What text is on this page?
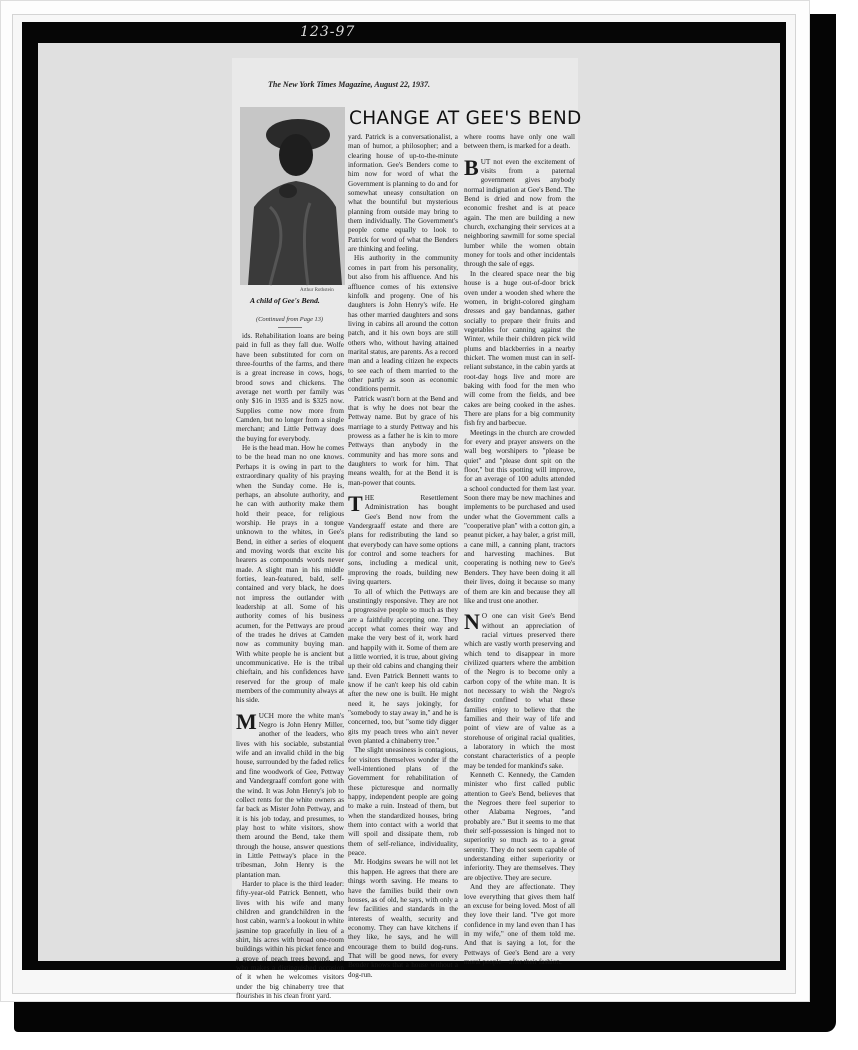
123-97
The New York Times Magazine, August 22, 1937.
Arthur Rothstein
A child of Gee's Bend.
(Continued from Page 13)
CHANGE AT GEE'S BEND

ids. Rehabilitation loans are being paid in full as they fall due. Wolfe have been substituted for corn on three-fourths of the farms, and there is a great increase in cows, hogs, brood sows and chickens. The average net worth per family was only $16 in 1935 and is $325 now. Supplies come now more from Camden, but no longer from a single merchant; and Little Pettway does the buying for everybody.

He is the head man. How he comes to be the head man no one knows. Perhaps it is owing in part to the extraordinary quality of his praying when the Sunday come. He is, perhaps, an absolute authority, and he can with authority make them hold their peace, for religious worship. He prays in a tongue unknown to the whites, in Gee's Bend, in either a series of eloquent and moving words that excite his hearers as compounds words never made. A slight man in his middle forties, lean-featured, bald, self-contained and very black, he does not impress the outlander with leadership at all. Some of his authority comes of his business acumen, for the Pettways are proud of the trades he drives at Camden now as community buying man. With white people he is ancient but uncommunicative. He is the tribal chieftain, and his confidences have reserved for the group of male members of the community always at his side.

MUCH more the white man's Negro is John Henry Miller, another of the leaders, who lives with his sociable, substantial wife and an invalid child in the big house, surrounded by the faded relics and fine woodwork of Gee, Pettway and Vandergraaff comfort gone with the wind. It was John Henry's job to collect rents for the white owners as far back as Mister John Pettway, and it is his job today, and presumes, to play host to white visitors, show them around the Bend, take them through the house, answer questions in Little Pettway's place in the tribesman, John Henry is the plantation man.

Harder to place is the third leader: fifty-year-old Patrick Bennett, who lives with his wife and many children and grandchildren in the host cabin, warm's a lookout in white jasmine top gracefully in lieu of a shirt, his acres with broad one-room buildings within his picket fence and a grove of peach trees beyond, and who makes a distinguished occasion of it when he welcomes visitors under the big chinaberry tree that flourishes in his clean front yard.

yard. Patrick is a conversationalist, a man of humor, a philosopher; and a clearing house of up-to-the-minute information. Gee's Benders come to him now for word of what the Government is planning to do and for somewhat uneasy consultation on what the bountiful but mysterious planning from outside may bring to them individually. The Government's people come equally to look to Patrick for word of what the Benders are thinking and feeling.

His authority in the community comes in part from his personality, but also from his affluence. And his affluence comes of his extensive kinfolk and progeny. One of his daughters is John Henry's wife. He has other married daughters and sons living in cabins all around the cotton patch, and it his own boys are still others who, without having attained marital status, are parents. As a record man and a leading citizen he expects to see each of them married to the other partly as soon as economic conditions permit.

Patrick wasn't born at the Bend and that is why he does not bear the Pettway name. But by grace of his marriage to a sturdy Pettway and his prowess as a father he is kin to more Pettways than anybody in the community and has more sons and daughters to work for him. That means wealth, for at the Bend it is man-power that counts.

THE Resettlement Administration has bought Gee's Bend now from the Vandergraaff estate and there are plans for redistributing the land so that everybody can have some options for control and some teachers for sons, including a medical unit, improving the roads, building new living quarters.

To all of which the Pettways are unstintingly responsive. They are not a progressive people so much as they are a faithfully accepting one. They accept what comes their way and make the very best of it, work hard and happily with it. Some of them are a little worried, it is true, about giving up their old cabins and changing their land. Even Patrick Bennett wants to know if he can't keep his old cabin after the new one is built. He might need it, he says jokingly, for "somebody to stay away in," and he is concerned, too, but "some tidy digger gits my peach trees who ain't never even planted a chinaberry tree."

The slight uneasiness is contagious, for visitors themselves wonder if the well-intentioned plans of the Government for rehabilitation of these picturesque and normally happy, independent people are going to make a ruin. Instead of them, but when the standardized houses, bring them into contact with a world that will spoil and dissipate them, rob them of self-reliance, individuality, peace.

Mr. Hodgins swears he will not let this happen. He agrees that there are things worth saving. He means to have the families build their own houses, as of old, he says, with only a few facilities and standards in the interests of wealth, security and economy. They can have kitchens if they like, he says, and he will encourage them to build dog-runs. That will be good news, for every Bender knows that a house without a dog-run.

where rooms have only one wall between them, is marked for a death.

BUT not even the excitement of visits from a paternal government gives anybody normal indignation at Gee's Bend. The Bend is dried and now from the economic freshet and is at peace again. The men are building a new church, exchanging their services at a neighboring sawmill for some special lumber while the women obtain money for tools and other incidentals through the sale of eggs.

In the cleared space near the big house is a huge out-of-door brick oven under a wooden shed where the women, in bright-colored gingham dresses and gay bandannas, gather socially to prepare their fruits and vegetables for canning against the Winter, while their children pick wild plums and blackberries in a nearby thicket. The women must can in self-reliant substance, in the cabin yards at root-day hogs live and more are baking with food for the men who will come from the fields, and bee cakes are being cooked in the ashes. There are plans for a big community fish fry and barbecue.

Meetings in the church are crowded for every and prayer answers on the wall beg worshipers to "please be quiet" and "please dont spit on the floor," but this spotting will improve, for an average of 100 adults attended a school conducted for them last year. Soon there may be new machines and implements to be purchased and used under what the Government calls a "cooperative plan" with a cotton gin, a peanut picker, a hay baler, a grist mill, a cane mill, a canning plant, tractors and harvesting machines. But cooperating is nothing new to Gee's Benders. They have been doing it all their lives, doing it because so many of them are kin and because they all like and trust one another.

N O one can visit Gee's Bend without an appreciation of racial virtues preserved there which are vastly worth preserving and which tend to disappear in more civilized quarters where the ambition of the Negro is to become only a carbon copy of the white man. It is not necessary to wish the Negro's destiny confined to what these families enjoy to believe that the families and their way of life and point of view are of value as a storehouse of original racial qualities, a laboratory in which the most constant characteristics of a people may be tended for mankind's sake.

Kenneth C. Kennedy, the Camden minister who first called public attention to Gee's Bend, believes that the Negroes there feel superior to other Alabama Negroes, "and probably are." But it seems to me that their self-possession is hinged not to superiority so much as to a great serenity. They do not seem capable of understanding either superiority or inferiority. They are themselves. They are objective. They are secure.

And they are affectionate. They love everything that gives them half an excuse for being loved. Most of all they love their land. "I've got more confidence in my land even than I has in my wife," one of them told me. And that is saying a lot, for the Pettways of Gee's Bend are a very moral people—after their fashion.
